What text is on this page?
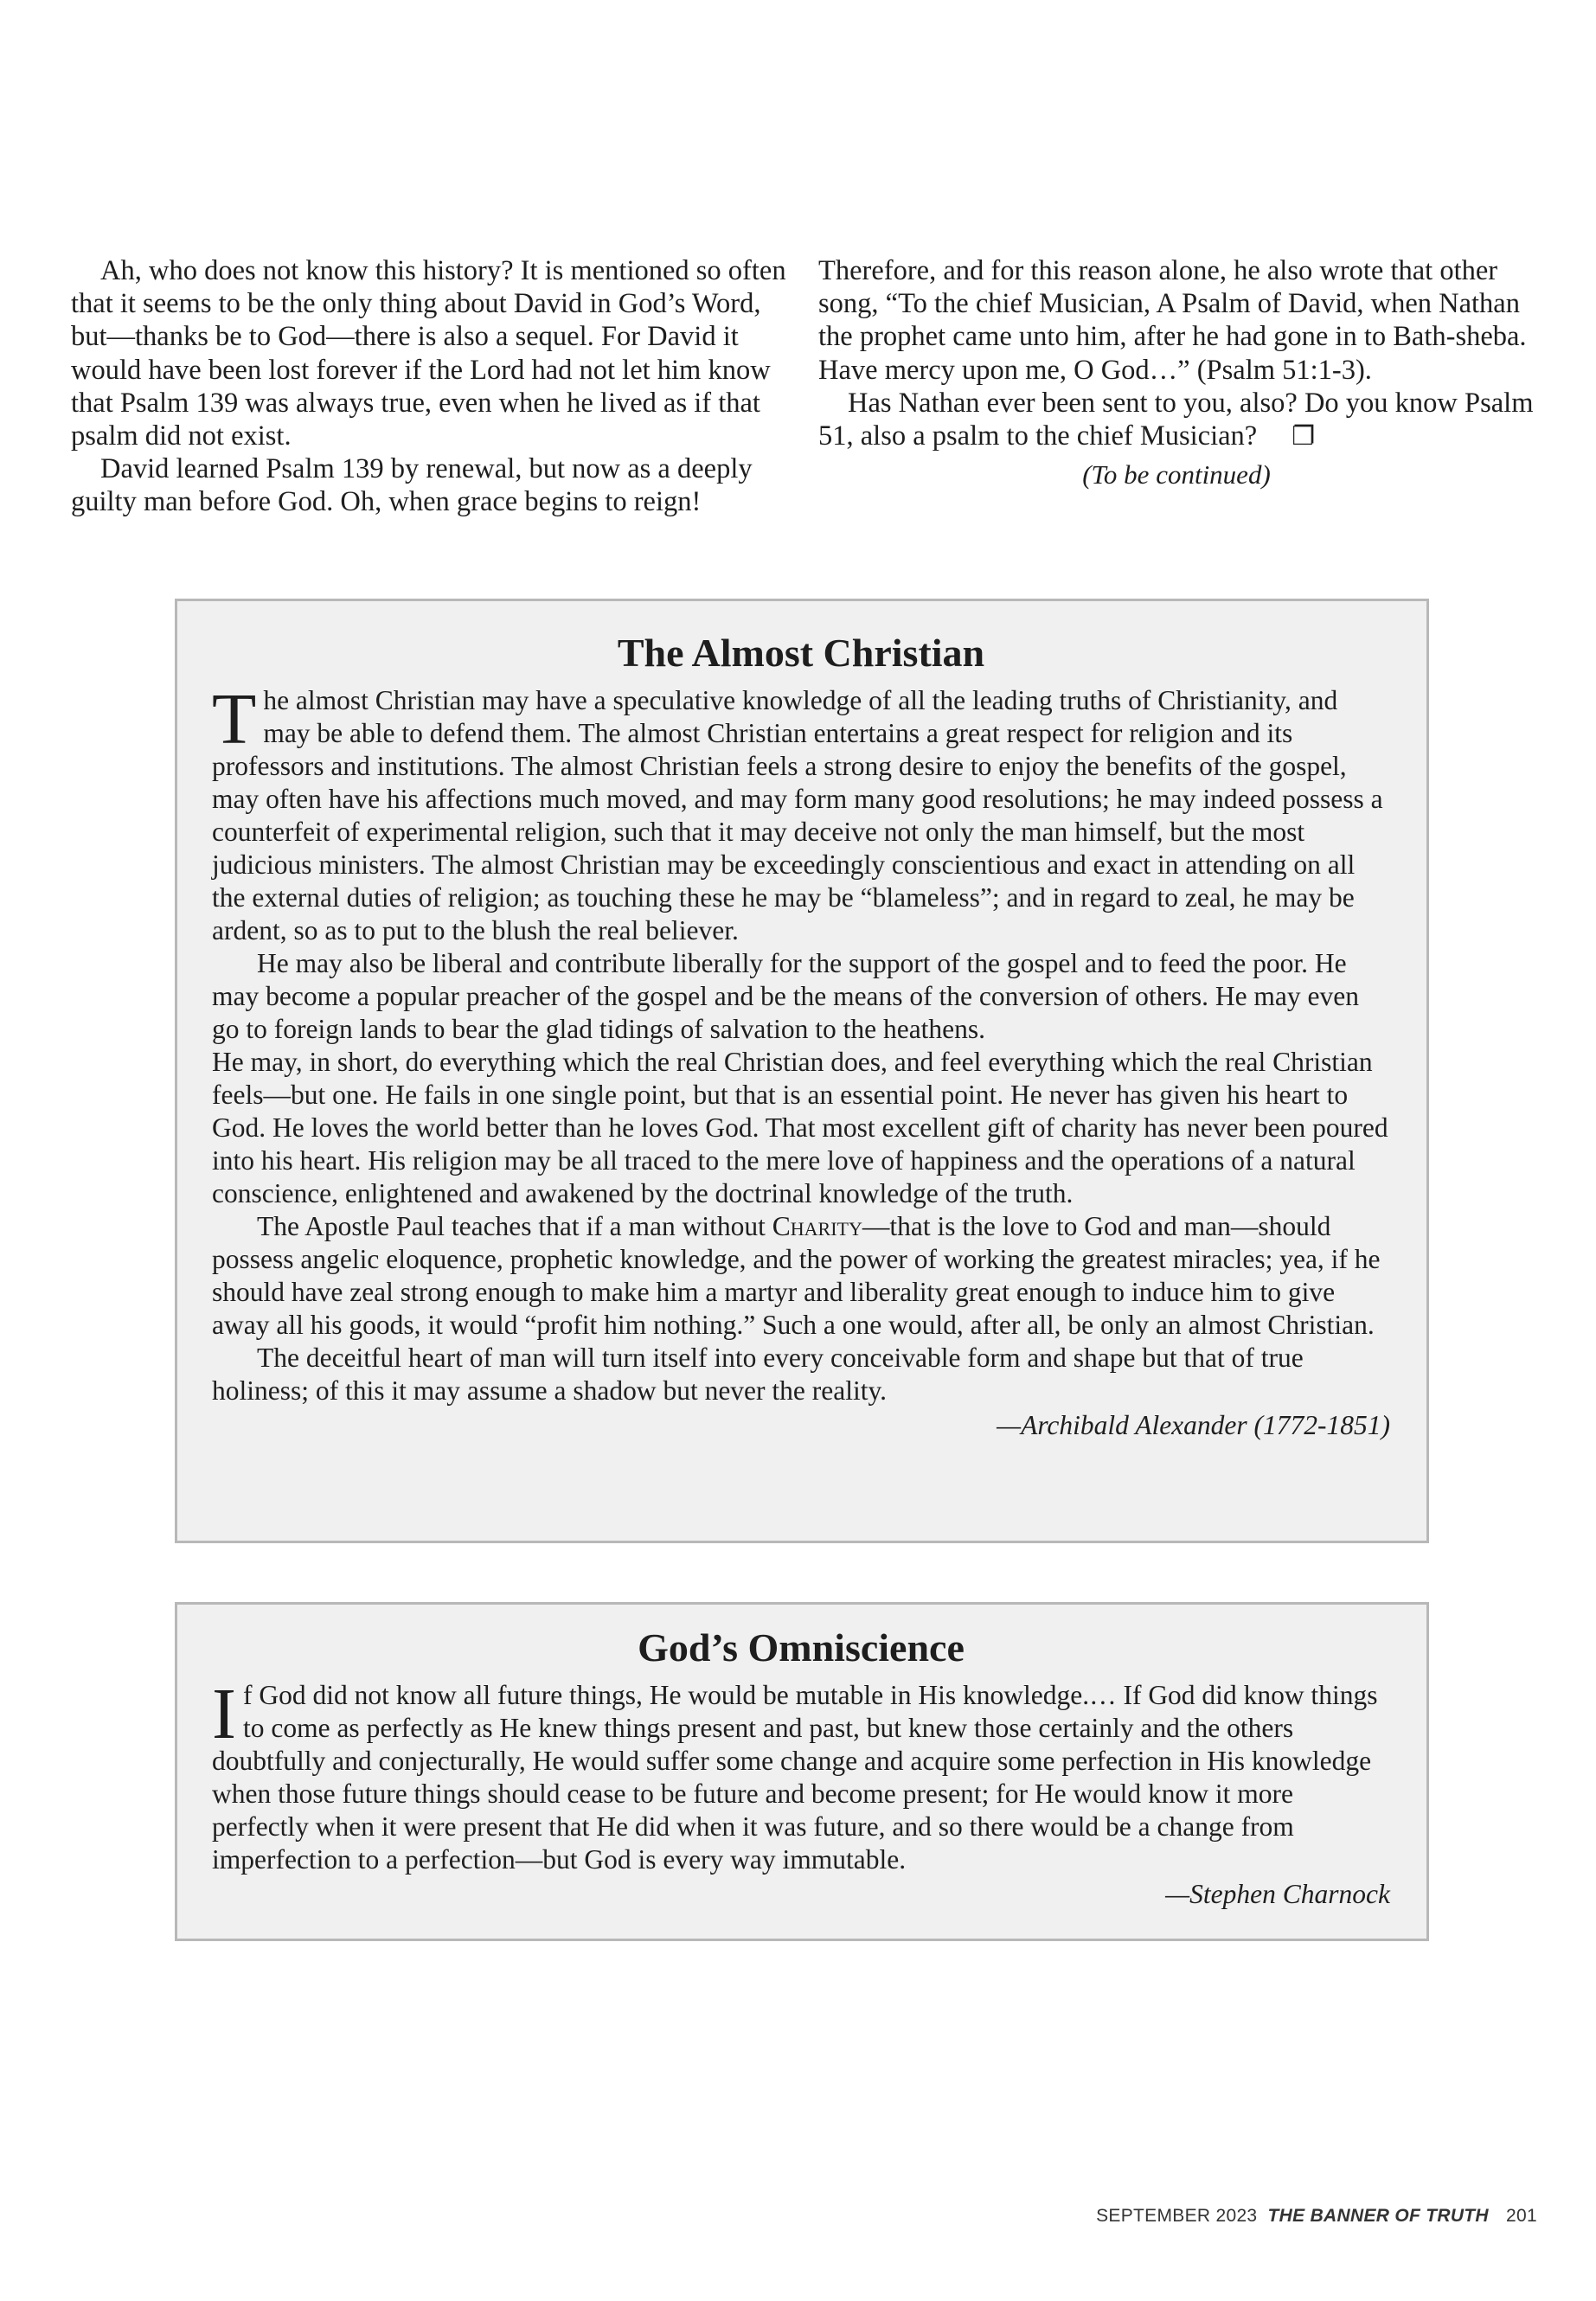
Ah, who does not know this history? It is mentioned so often that it seems to be the only thing about David in God’s Word, but—thanks be to God—there is also a sequel. For David it would have been lost forever if the Lord had not let him know that Psalm 139 was always true, even when he lived as if that psalm did not exist.

David learned Psalm 139 by renewal, but now as a deeply guilty man before God. Oh, when grace begins to reign!

Therefore, and for this reason alone, he also wrote that other song, “To the chief Musician, A Psalm of David, when Nathan the prophet came unto him, after he had gone in to Bath-sheba. Have mercy upon me, O God…” (Psalm 51:1-3).

Has Nathan ever been sent to you, also? Do you know Psalm 51, also a psalm to the chief Musician? ❐

(To be continued)
The Almost Christian

The almost Christian may have a speculative knowledge of all the leading truths of Christianity, and may be able to defend them. The almost Christian entertains a great respect for religion and its professors and institutions. The almost Christian feels a strong desire to enjoy the benefits of the gospel, may often have his affections much moved, and may form many good resolutions; he may indeed possess a counterfeit of experimental religion, such that it may deceive not only the man himself, but the most judicious ministers. The almost Christian may be exceedingly conscientious and exact in attending on all the external duties of religion; as touching these he may be “blameless”; and in regard to zeal, he may be ardent, so as to put to the blush the real believer.

He may also be liberal and contribute liberally for the support of the gospel and to feed the poor. He may become a popular preacher of the gospel and be the means of the conversion of others. He may even go to foreign lands to bear the glad tidings of salvation to the heathens.

He may, in short, do everything which the real Christian does, and feel everything which the real Christian feels—but one. He fails in one single point, but that is an essential point. He never has given his heart to God. He loves the world better than he loves God. That most excellent gift of charity has never been poured into his heart. His religion may be all traced to the mere love of happiness and the operations of a natural conscience, enlightened and awakened by the doctrinal knowledge of the truth.

The Apostle Paul teaches that if a man without Charity—that is the love to God and man—should possess angelic eloquence, prophetic knowledge, and the power of working the greatest miracles; yea, if he should have zeal strong enough to make him a martyr and liberality great enough to induce him to give away all his goods, it would “profit him nothing.” Such a one would, after all, be only an almost Christian.

The deceitful heart of man will turn itself into every conceivable form and shape but that of true holiness; of this it may assume a shadow but never the reality.

—Archibald Alexander (1772-1851)

God’s Omniscience

If God did not know all future things, He would be mutable in His knowledge.… If God did know things to come as perfectly as He knew things present and past, but knew those certainly and the others doubtfully and conjecturally, He would suffer some change and acquire some perfection in His knowledge when those future things should cease to be future and become present; for He would know it more perfectly when it were present that He did when it was future, and so there would be a change from imperfection to a perfection—but God is every way immutable.

—Stephen Charnock

SEPTEMBER 2023 THE BANNER OF TRUTH 201
